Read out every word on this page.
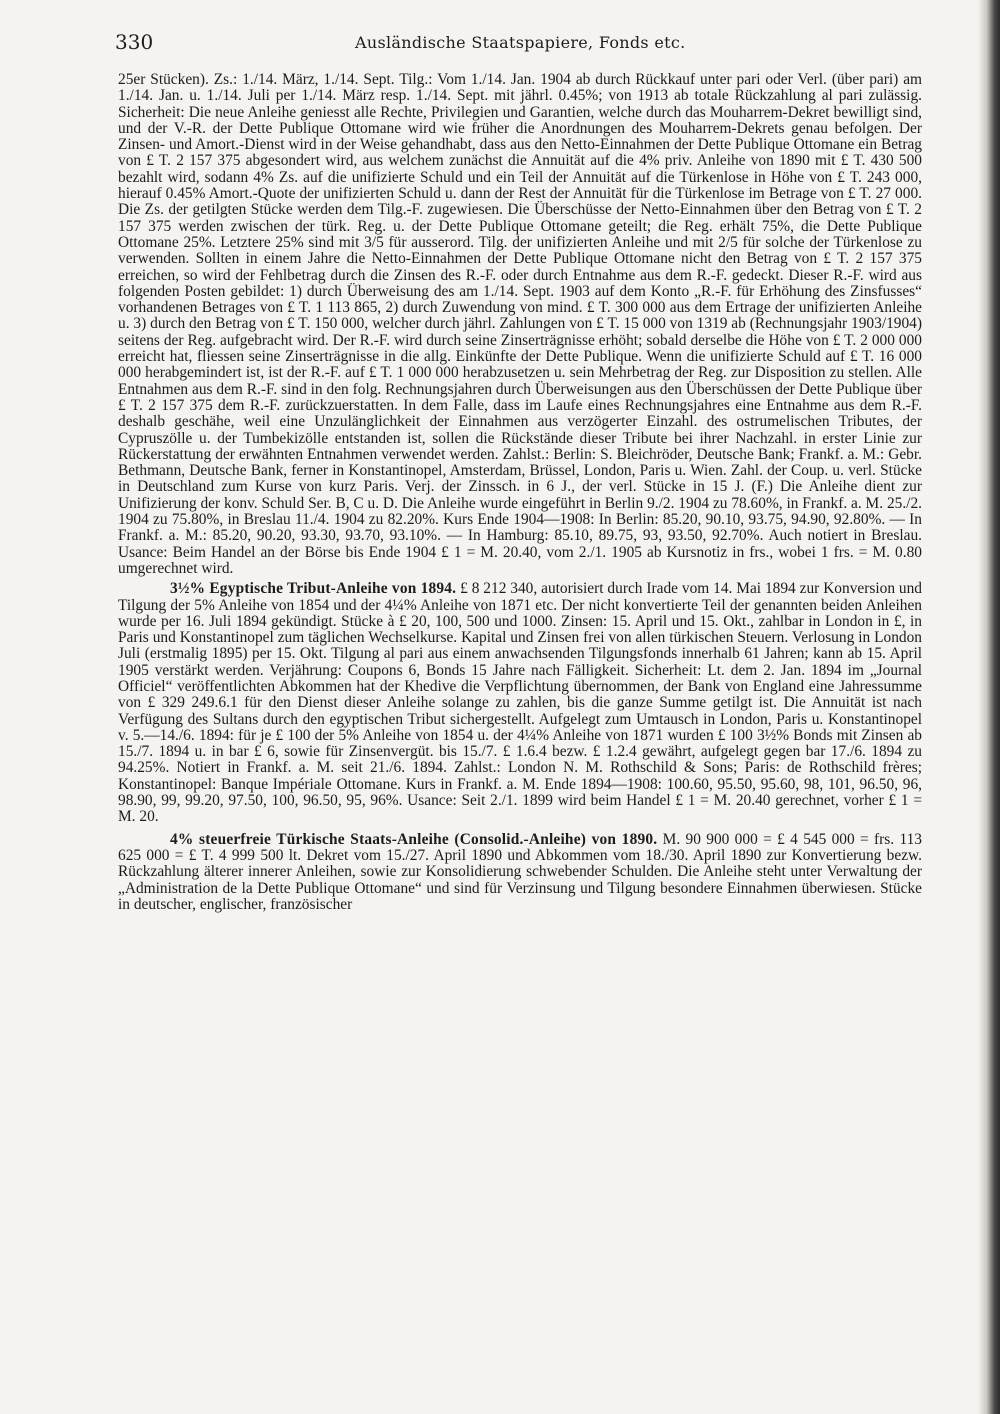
330	Ausländische Staatspapiere, Fonds etc.

25er Stücken). Zs.: 1./14. März, 1./14. Sept. Tilg.: Vom 1./14. Jan. 1904 ab durch Rückkauf unter pari oder Verl. (über pari) am 1./14. Jan. u. 1./14. Juli per 1./14. März resp. 1./14. Sept. mit jährl. 0.45%; von 1913 ab totale Rückzahlung al pari zulässig. Sicherheit: Die neue Anleihe geniesst alle Rechte, Privilegien und Garantien, welche durch das Mouharrem-Dekret bewilligt sind, und der V.-R. der Dette Publique Ottomane wird wie früher die Anordnungen des Mouharrem-Dekrets genau befolgen. Der Zinsen- und Amort.-Dienst wird in der Weise gehandhabt, dass aus den Netto-Einnahmen der Dette Publique Ottomane ein Betrag von £ T. 2 157 375 abgesondert wird, aus welchem zunächst die Annuität auf die 4% priv. Anleihe von 1890 mit £ T. 430 500 bezahlt wird, sodann 4% Zs. auf die unifizierte Schuld und ein Teil der Annuität auf die Türkenlose in Höhe von £ T. 243 000, hierauf 0.45% Amort.-Quote der unifizierten Schuld u. dann der Rest der Annuität für die Türkenlose im Betrage von £ T. 27 000. Die Zs. der getilgten Stücke werden dem Tilg.-F. zugewiesen. Die Überschüsse der Netto-Einnahmen über den Betrag von £ T. 2 157 375 werden zwischen der türk. Reg. u. der Dette Publique Ottomane geteilt; die Reg. erhält 75%, die Dette Publique Ottomane 25%. Letztere 25% sind mit 3/5 für ausserord. Tilg. der unifizierten Anleihe und mit 2/5 für solche der Türkenlose zu verwenden. Sollten in einem Jahre die Netto-Einnahmen der Dette Publique Ottomane nicht den Betrag von £ T. 2 157 375 erreichen, so wird der Fehlbetrag durch die Zinsen des R.-F. oder durch Entnahme aus dem R.-F. gedeckt. Dieser R.-F. wird aus folgenden Posten gebildet: 1) durch Überweisung des am 1./14. Sept. 1903 auf dem Konto „R.-F. für Erhöhung des Zinsfusses“ vorhandenen Betrages von £ T. 1 113 865, 2) durch Zuwendung von mind. £ T. 300 000 aus dem Ertrage der unifizierten Anleihe u. 3) durch den Betrag von £ T. 150 000, welcher durch jährl. Zahlungen von £ T. 15 000 von 1319 ab (Rechnungsjahr 1903/1904) seitens der Reg. aufgebracht wird. Der R.-F. wird durch seine Zinserträgnisse erhöht; sobald derselbe die Höhe von £ T. 2 000 000 erreicht hat, fliessen seine Zinserträgnisse in die allg. Einkünfte der Dette Publique. Wenn die unifizierte Schuld auf £ T. 16 000 000 herabgemindert ist, ist der R.-F. auf £ T. 1 000 000 herabzusetzen u. sein Mehrbetrag der Reg. zur Disposition zu stellen. Alle Entnahmen aus dem R.-F. sind in den folg. Rechnungsjahren durch Überweisungen aus den Überschüssen der Dette Publique über £ T. 2 157 375 dem R.-F. zurückzuerstatten. In dem Falle, dass im Laufe eines Rechnungsjahres eine Entnahme aus dem R.-F. deshalb geschähe, weil eine Unzulänglichkeit der Einnahmen aus verzögerter Einzahl. des ostrumelischen Tributes, der Cypruszölle u. der Tumbekizölle entstanden ist, sollen die Rückstände dieser Tribute bei ihrer Nachzahl. in erster Linie zur Rückerstattung der erwähnten Entnahmen verwendet werden. Zahlst.: Berlin: S. Bleichröder, Deutsche Bank; Frankf. a. M.: Gebr. Bethmann, Deutsche Bank, ferner in Konstantinopel, Amsterdam, Brüssel, London, Paris u. Wien. Zahl. der Coup. u. verl. Stücke in Deutschland zum Kurse von kurz Paris. Verj. der Zinssch. in 6 J., der verl. Stücke in 15 J. (F.) Die Anleihe dient zur Unifizierung der konv. Schuld Ser. B, C u. D. Die Anleihe wurde eingeführt in Berlin 9./2. 1904 zu 78.60%, in Frankf. a. M. 25./2. 1904 zu 75.80%, in Breslau 11./4. 1904 zu 82.20%. Kurs Ende 1904—1908: In Berlin: 85.20, 90.10, 93.75, 94.90, 92.80%. — In Frankf. a. M.: 85.20, 90.20, 93.30, 93.70, 93.10%. — In Hamburg: 85.10, 89.75, 93, 93.50, 92.70%. Auch notiert in Breslau. Usance: Beim Handel an der Börse bis Ende 1904 £ 1 = M. 20.40, vom 2./1. 1905 ab Kursnotiz in frs., wobei 1 frs. = M. 0.80 umgerechnet wird.

3½% Egyptische Tribut-Anleihe von 1894. £ 8 212 340, autorisiert durch Irade vom 14. Mai 1894 zur Konversion und Tilgung der 5% Anleihe von 1854 und der 4¼% Anleihe von 1871 etc. Der nicht konvertierte Teil der genannten beiden Anleihen wurde per 16. Juli 1894 gekündigt. Stücke à £ 20, 100, 500 und 1000. Zinsen: 15. April und 15. Okt., zahlbar in London in £, in Paris und Konstantinopel zum täglichen Wechselkurse. Kapital und Zinsen frei von allen türkischen Steuern. Verlosung in London Juli (erstmalig 1895) per 15. Okt. Tilgung al pari aus einem anwachsenden Tilgungsfonds innerhalb 61 Jahren; kann ab 15. April 1905 verstärkt werden. Verjährung: Coupons 6, Bonds 15 Jahre nach Fälligkeit. Sicherheit: Lt. dem 2. Jan. 1894 im „Journal Officiel“ veröffentlichten Abkommen hat der Khedive die Verpflichtung übernommen, der Bank von England eine Jahressumme von £ 329 249.6.1 für den Dienst dieser Anleihe solange zu zahlen, bis die ganze Summe getilgt ist. Die Annuität ist nach Verfügung des Sultans durch den egyptischen Tribut sichergestellt. Aufgelegt zum Umtausch in London, Paris u. Konstantinopel v. 5.—14./6. 1894: für je £ 100 der 5% Anleihe von 1854 u. der 4¼% Anleihe von 1871 wurden £ 100 3½% Bonds mit Zinsen ab 15./7. 1894 u. in bar £ 6, sowie für Zinsenvergüt. bis 15./7. £ 1.6.4 bezw. £ 1.2.4 gewährt, aufgelegt gegen bar 17./6. 1894 zu 94.25%. Notiert in Frankf. a. M. seit 21./6. 1894. Zahlst.: London N. M. Rothschild & Sons; Paris: de Rothschild frères; Konstantinopel: Banque Impériale Ottomane. Kurs in Frankf. a. M. Ende 1894—1908: 100.60, 95.50, 95.60, 98, 101, 96.50, 96, 98.90, 99, 99.20, 97.50, 100, 96.50, 95, 96%. Usance: Seit 2./1. 1899 wird beim Handel £ 1 = M. 20.40 gerechnet, vorher £ 1 = M. 20.

4% steuerfreie Türkische Staats-Anleihe (Consolid.-Anleihe) von 1890. M. 90 900 000 = £ 4 545 000 = frs. 113 625 000 = £ T. 4 999 500 lt. Dekret vom 15./27. April 1890 und Abkommen vom 18./30. April 1890 zur Konvertierung bezw. Rückzahlung älterer innerer Anleihen, sowie zur Konsolidierung schwebender Schulden. Die Anleihe steht unter Verwaltung der „Administration de la Dette Publique Ottomane“ und sind für Verzinsung und Tilgung besondere Einnahmen überwiesen. Stücke in deutscher, englischer, französischer
